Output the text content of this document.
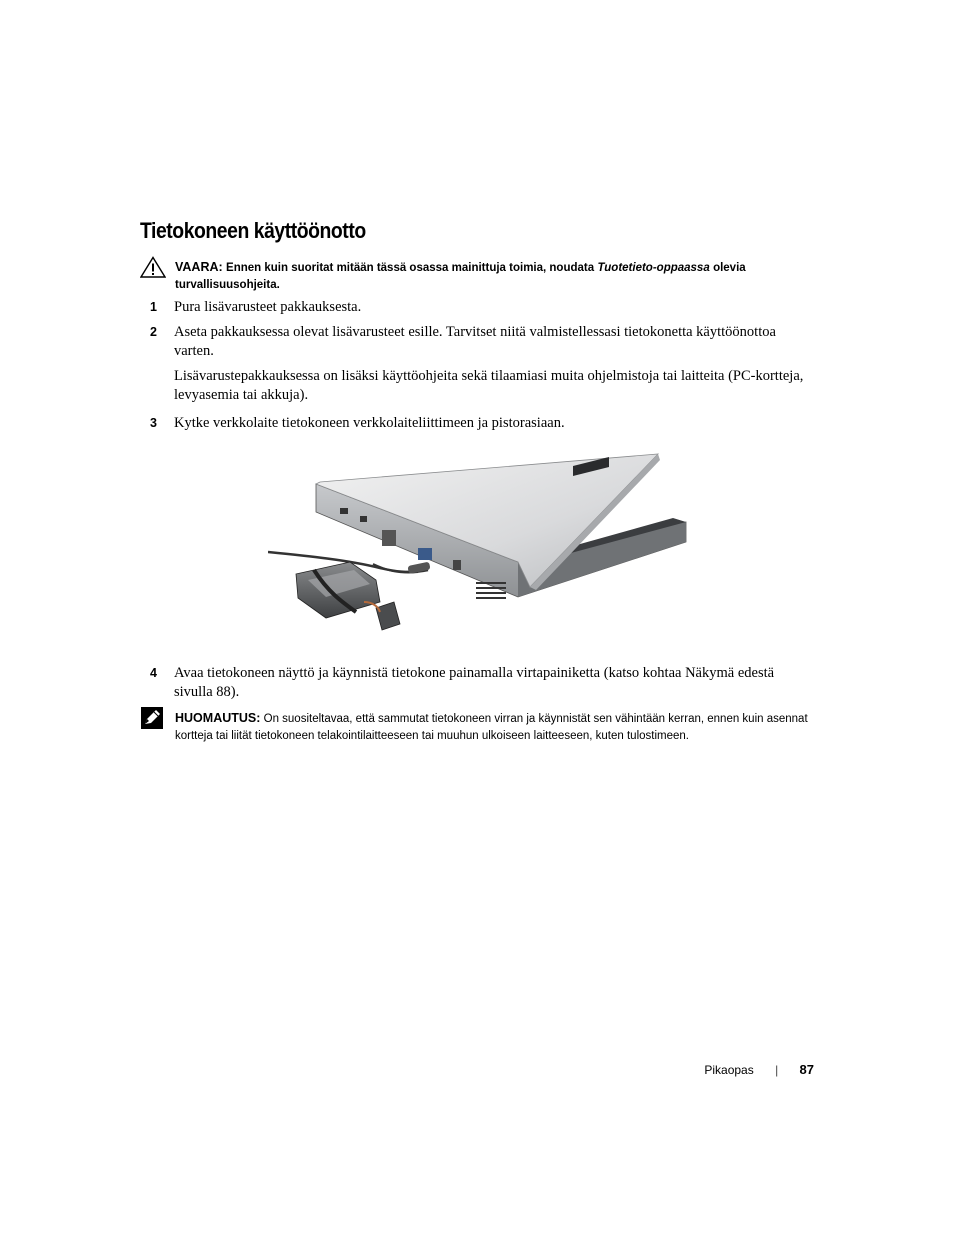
Tietokoneen käyttöönotto
VAARA: Ennen kuin suoritat mitään tässä osassa mainittuja toimia, noudata Tuotetieto-oppaassa olevia turvallisuusohjeita.
1 Pura lisävarusteet pakkauksesta.
2 Aseta pakkauksessa olevat lisävarusteet esille. Tarvitset niitä valmistellessasi tietokonetta käyttöönottoa varten.
Lisävarustepakkauksessa on lisäksi käyttöohjeita sekä tilaamiasi muita ohjelmistoja tai laitteita (PC-kortteja, levyasemia tai akkuja).
3 Kytke verkkolaite tietokoneen verkkolaiteliittimeen ja pistorasiaan.
4 Avaa tietokoneen näyttö ja käynnistä tietokone painamalla virtapainiketta (katso kohtaa Näkymä edestä sivulla 88).
HUOMAUTUS: On suositeltavaa, että sammutat tietokoneen virran ja käynnistät sen vähintään kerran, ennen kuin asennat kortteja tai liität tietokoneen telakointilaitteeseen tai muuhun ulkoiseen laitteeseen, kuten tulostimeen.
Pikaopas | 87
